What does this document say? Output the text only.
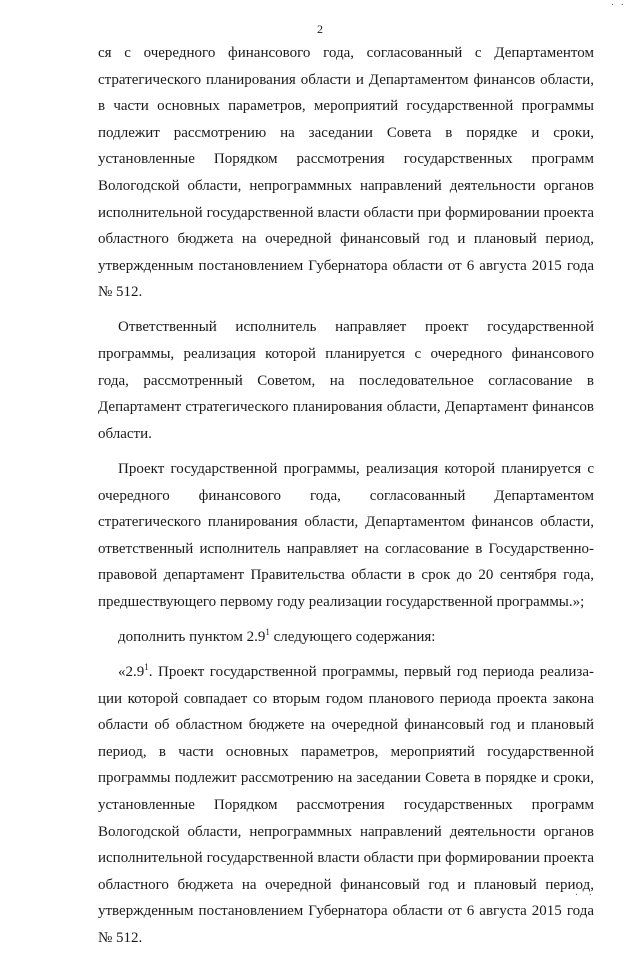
· ·
2

ся с очередного финансового года, согласованный с Департаментом стратегического планирования области и Департаментом финансов области, в части основных параметров, мероприятий государственной программы подлежит рассмотрению на заседании Совета в порядке и сроки, установленные Порядком рассмотрения государственных программ Вологодской области, непрограммных направлений деятельности органов исполнительной государственной власти области при формировании проекта областного бюджета на очередной финансовый год и плановый период, утвержденным постановлением Губернатора области от 6 августа 2015 года № 512.

Ответственный исполнитель направляет проект государственной программы, реализация которой планируется с очередного финансового года, рассмотренный Советом, на последовательное согласование в Департамент стратегического планирования области, Департамент финансов области.

Проект государственной программы, реализация которой планируется с очередного финансового года, согласованный Департаментом стратегического планирования области, Департаментом финансов области, ответственный исполнитель направляет на согласование в Государственно-правовой департамент Правительства области в срок до 20 сентября года, предшествующего первому году реализации государственной программы.»;

дополнить пунктом $2.9^1$ следующего содержания:

«$2.9^1$. Проект государственной программы, первый год периода реализации которой совпадает со вторым годом планового периода проекта закона области об областном бюджете на очередной финансовый год и плановый период, в части основных параметров, мероприятий государственной программы подлежит рассмотрению на заседании Совета в порядке и сроки, установленные Порядком рассмотрения государственных программ Вологодской области, непрограммных направлений деятельности органов исполнительной государственной власти области при формировании проекта областного бюджета на очередной финансовый год и плановый период, утвержденным постановлением Губернатора области от 6 августа 2015 года № 512.

· ·
